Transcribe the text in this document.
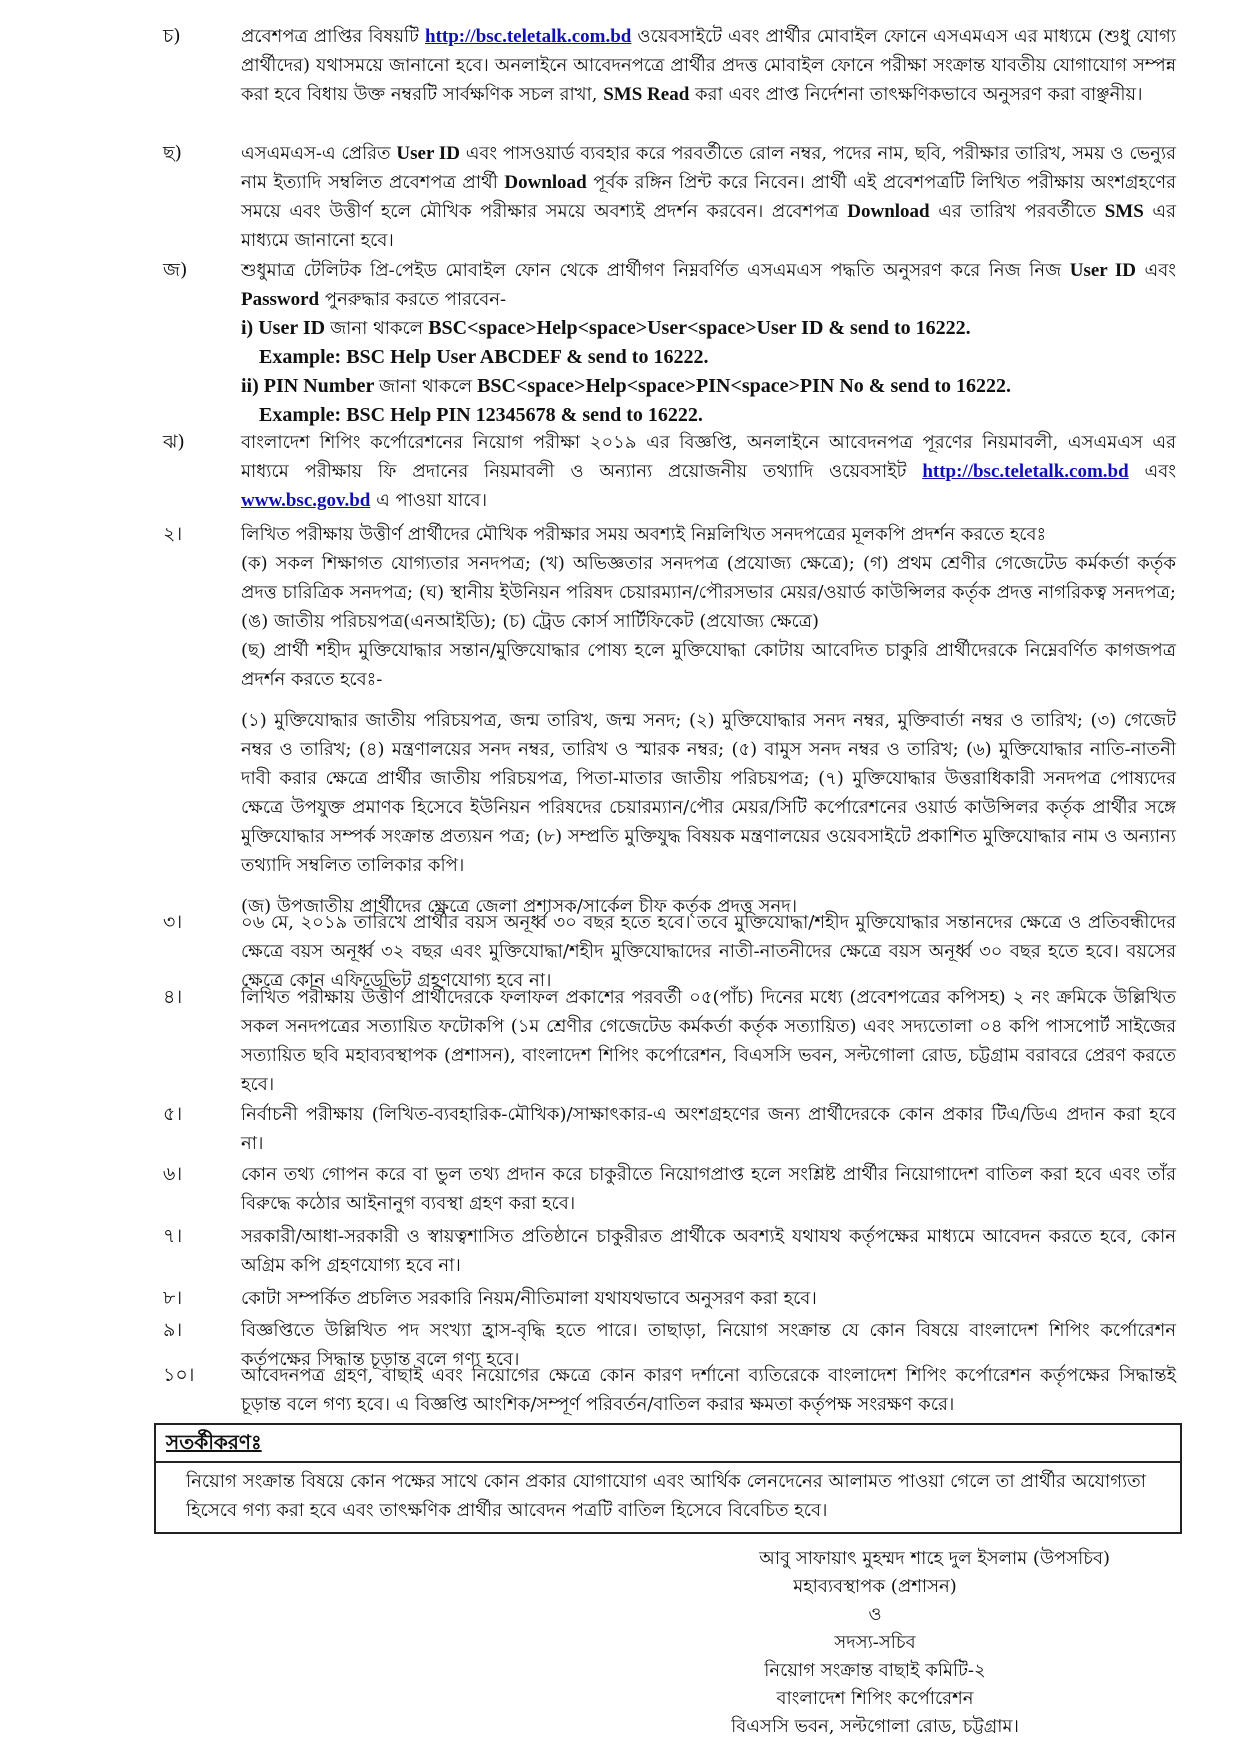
চ)	প্রবেশপত্র প্রাপ্তির বিষয়টি http://bsc.teletalk.com.bd ওয়েবসাইটে এবং প্রার্থীর মোবাইল ফোনে এসএমএস এর মাধ্যমে (শুধু যোগ্য প্রার্থীদের) যথাসময়ে জানানো হবে। অনলাইনে আবেদনপত্রে প্রার্থীর প্রদত্ত মোবাইল ফোনে পরীক্ষা সংক্রান্ত যাবতীয় যোগাযোগ সম্পন্ন করা হবে বিধায় উক্ত নম্বরটি সার্বক্ষণিক সচল রাখা, SMS Read করা এবং প্রাপ্ত নির্দেশনা তাৎক্ষণিকভাবে অনুসরণ করা বাঞ্ছনীয়।
ছ)	এসএমএস-এ প্রেরিত User ID এবং পাসওয়ার্ড ব্যবহার করে পরবর্তীতে রোল নম্বর, পদের নাম, ছবি, পরীক্ষার তারিখ, সময় ও ভেন্যুর নাম ইত্যাদি সম্বলিত প্রবেশপত্র প্রার্থী Download পূর্বক রঙ্গিন প্রিন্ট করে নিবেন। প্রার্থী এই প্রবেশপত্রটি লিখিত পরীক্ষায় অংশগ্রহণের সময়ে এবং উত্তীর্ণ হলে মৌখিক পরীক্ষার সময়ে অবশ্যই প্রদর্শন করবেন। প্রবেশপত্র Download এর তারিখ পরবর্তীতে SMS এর মাধ্যমে জানানো হবে।
জ)	শুধুমাত্র টেলিটক প্রি-পেইড মোবাইল ফোন থেকে প্রার্থীগণ নিম্নবর্ণিত এসএমএস পদ্ধতি অনুসরণ করে নিজ নিজ User ID এবং Password পুনরুদ্ধার করতে পারবেন-

i) User ID জানা থাকলে BSC<space>Help<space>User<space>User ID & send to 16222.
Example: BSC Help User ABCDEF & send to 16222.
ii) PIN Number জানা থাকলে BSC<space>Help<space>PIN<space>PIN No & send to 16222.
Example: BSC Help PIN 12345678 & send to 16222.
ঝ)	বাংলাদেশ শিপিং কর্পোরেশনের নিয়োগ পরীক্ষা ২০১৯ এর বিজ্ঞপ্তি, অনলাইনে আবেদনপত্র পূরণের নিয়মাবলী, এসএমএস এর মাধ্যমে পরীক্ষায় ফি প্রদানের নিয়মাবলী ও অন্যান্য প্রয়োজনীয় তথ্যাদি ওয়েবসাইট http://bsc.teletalk.com.bd এবং www.bsc.gov.bd এ পাওয়া যাবে।
২।	লিখিত পরীক্ষায় উত্তীর্ণ প্রার্থীদের মৌখিক পরীক্ষার সময় অবশ্যই নিম্নলিখিত সনদপত্রের মূলকপি প্রদর্শন করতে হবেঃ

(ক) সকল শিক্ষাগত যোগ্যতার সনদপত্র; (খ) অভিজ্ঞতার সনদপত্র (প্রযোজ্য ক্ষেত্রে); (গ) প্রথম শ্রেণীর গেজেটেড কর্মকর্তা কর্তৃক প্রদত্ত চারিত্রিক সনদপত্র; (ঘ) স্থানীয় ইউনিয়ন পরিষদ চেয়ারম্যান/পৌরসভার মেয়র/ওয়ার্ড কাউন্সিলর কর্তৃক প্রদত্ত নাগরিকত্ব সনদপত্র; (ঙ) জাতীয় পরিচয়পত্র(এনআইডি); (চ) ট্রেড কোর্স সার্টিফিকেট (প্রযোজ্য ক্ষেত্রে)

(ছ) প্রার্থী শহীদ মুক্তিযোদ্ধার সন্তান/মুক্তিযোদ্ধার পোষ্য হলে মুক্তিযোদ্ধা কোটায় আবেদিত চাকুরি প্রার্থীদেরকে নিম্নেবর্ণিত কাগজপত্র প্রদর্শন করতে হবেঃ-

(১) মুক্তিযোদ্ধার জাতীয় পরিচয়পত্র, জন্ম তারিখ, জন্ম সনদ; (২) মুক্তিযোদ্ধার সনদ নম্বর, মুক্তিবার্তা নম্বর ও তারিখ; (৩) গেজেট নম্বর ও তারিখ; (৪) মন্ত্রণালয়ের সনদ নম্বর, তারিখ ও স্মারক নম্বর; (৫) বামুস সনদ নম্বর ও তারিখ; (৬) মুক্তিযোদ্ধার নাতি-নাতনী দাবী করার ক্ষেত্রে প্রার্থীর জাতীয় পরিচয়পত্র, পিতা-মাতার জাতীয় পরিচয়পত্র; (৭) মুক্তিযোদ্ধার উত্তরাধিকারী সনদপত্র পোষ্যদের ক্ষেত্রে উপযুক্ত প্রমাণক হিসেবে ইউনিয়ন পরিষদের চেয়ারম্যান/পৌর মেয়র/সিটি কর্পোরেশনের ওয়ার্ড কাউন্সিলর কর্তৃক প্রার্থীর সঙ্গে মুক্তিযোদ্ধার সম্পর্ক সংক্রান্ত প্রত্যয়ন পত্র; (৮) সম্প্রতি মুক্তিযুদ্ধ বিষয়ক মন্ত্রণালয়ের ওয়েবসাইটে প্রকাশিত মুক্তিযোদ্ধার নাম ও অন্যান্য তথ্যাদি সম্বলিত তালিকার কপি।

(জ) উপজাতীয় প্রার্থীদের ক্ষেত্রে জেলা প্রশাসক/সার্কেল চীফ কর্তৃক প্রদত্ত সনদ।

৩।	০৬ মে, ২০১৯ তারিখে প্রার্থীর বয়স অনূর্ধ্ব ৩০ বছর হতে হবে। তবে মুক্তিযোদ্ধা/শহীদ মুক্তিযোদ্ধার সন্তানদের ক্ষেত্রে ও প্রতিবন্ধীদের ক্ষেত্রে বয়স অনূর্ধ্ব ৩২ বছর এবং মুক্তিযোদ্ধা/শহীদ মুক্তিযোদ্ধাদের নাতী-নাতনীদের ক্ষেত্রে বয়স অনূর্ধ্ব ৩০ বছর হতে হবে। বয়সের ক্ষেত্রে কোন এফিডেভিট গ্রহণযোগ্য হবে না।
৪।	লিখিত পরীক্ষায় উত্তীর্ণ প্রার্থীদেরকে ফলাফল প্রকাশের পরবর্তী ০৫(পাঁচ) দিনের মধ্যে (প্রবেশপত্রের কপিসহ) ২ নং ক্রমিকে উল্লিখিত সকল সনদপত্রের সত্যায়িত ফটোকপি (১ম শ্রেণীর গেজেটেড কর্মকর্তা কর্তৃক সত্যায়িত) এবং সদ্যতোলা ০৪ কপি পাসপোর্ট সাইজের সত্যায়িত ছবি মহাব্যবস্থাপক (প্রশাসন), বাংলাদেশ শিপিং কর্পোরেশন, বিএসসি ভবন, সল্টগোলা রোড, চট্টগ্রাম বরাবরে প্রেরণ করতে হবে।
৫।	নির্বাচনী পরীক্ষায় (লিখিত-ব্যবহারিক-মৌখিক)/সাক্ষাৎকার-এ অংশগ্রহণের জন্য প্রার্থীদেরকে কোন প্রকার টিএ/ডিএ প্রদান করা হবে না।
৬।	কোন তথ্য গোপন করে বা ভুল তথ্য প্রদান করে চাকুরীতে নিয়োগপ্রাপ্ত হলে সংশ্লিষ্ট প্রার্থীর নিয়োগাদেশ বাতিল করা হবে এবং তাঁর বিরুদ্ধে কঠোর আইনানুগ ব্যবস্থা গ্রহণ করা হবে।
৭।	সরকারী/আধা-সরকারী ও স্বায়ত্বশাসিত প্রতিষ্ঠানে চাকুরীরত প্রার্থীকে অবশ্যই যথাযথ কর্তৃপক্ষের মাধ্যমে আবেদন করতে হবে, কোন অগ্রিম কপি গ্রহণযোগ্য হবে না।
৮।	কোটা সম্পর্কিত প্রচলিত সরকারি নিয়ম/নীতিমালা যথাযথভাবে অনুসরণ করা হবে।
৯।	বিজ্ঞপ্তিতে উল্লিখিত পদ সংখ্যা হ্রাস-বৃদ্ধি হতে পারে। তাছাড়া, নিয়োগ সংক্রান্ত যে কোন বিষয়ে বাংলাদেশ শিপিং কর্পোরেশন কর্তৃপক্ষের সিদ্ধান্ত চূড়ান্ত বলে গণ্য হবে।
১০।	আবেদনপত্র গ্রহণ, বাছাই এবং নিয়োগের ক্ষেত্রে কোন কারণ দর্শানো ব্যতিরেকে বাংলাদেশ শিপিং কর্পোরেশন কর্তৃপক্ষের সিদ্ধান্তই চূড়ান্ত বলে গণ্য হবে। এ বিজ্ঞপ্তি আংশিক/সম্পূর্ণ পরিবর্তন/বাতিল করার ক্ষমতা কর্তৃপক্ষ সংরক্ষণ করে।
সতর্কীকরণঃ
নিয়োগ সংক্রান্ত বিষয়ে কোন পক্ষের সাথে কোন প্রকার যোগাযোগ এবং আর্থিক লেনদেনের আলামত পাওয়া গেলে তা প্রার্থীর অযোগ্যতা হিসেবে গণ্য করা হবে এবং তাৎক্ষণিক প্রার্থীর আবেদন পত্রটি বাতিল হিসেবে বিবেচিত হবে।
আবু সাফায়াৎ মুহম্মদ শাহে দুল ইসলাম (উপসচিব)
মহাব্যবস্থাপক (প্রশাসন)
ও
সদস্য-সচিব
নিয়োগ সংক্রান্ত বাছাই কমিটি-২
বাংলাদেশ শিপিং কর্পোরেশন
বিএসসি ভবন, সল্টগোলা রোড, চট্টগ্রাম।
